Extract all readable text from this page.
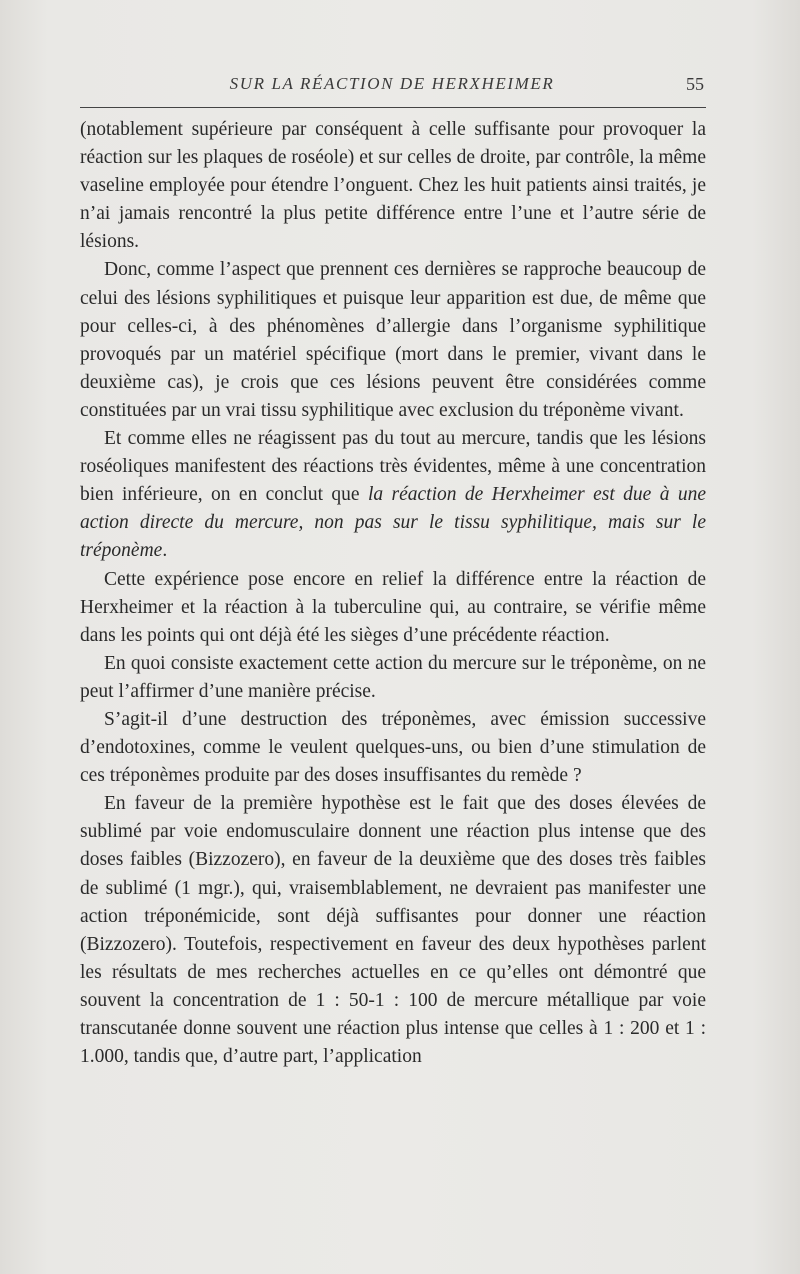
SUR LA RÉACTION DE HERXHEIMER	55

(notablement supérieure par conséquent à celle suffisante pour provoquer la réaction sur les plaques de roséole) et sur celles de droite, par contrôle, la même vaseline employée pour étendre l’onguent. Chez les huit patients ainsi traités, je n’ai jamais rencontré la plus petite différence entre l’une et l’autre série de lésions.

Donc, comme l’aspect que prennent ces dernières se rapproche beaucoup de celui des lésions syphilitiques et puisque leur apparition est due, de même que pour celles-ci, à des phénomènes d’allergie dans l’organisme syphilitique provoqués par un matériel spécifique (mort dans le premier, vivant dans le deuxième cas), je crois que ces lésions peuvent être considérées comme constituées par un vrai tissu syphilitique avec exclusion du tréponème vivant.

Et comme elles ne réagissent pas du tout au mercure, tandis que les lésions roséoliques manifestent des réactions très évidentes, même à une concentration bien inférieure, on en conclut que la réaction de Herxheimer est due à une action directe du mercure, non pas sur le tissu syphilitique, mais sur le tréponème.

Cette expérience pose encore en relief la différence entre la réaction de Herxheimer et la réaction à la tuberculine qui, au contraire, se vérifie même dans les points qui ont déjà été les sièges d’une précédente réaction.

En quoi consiste exactement cette action du mercure sur le tréponème, on ne peut l’affirmer d’une manière précise.

S’agit-il d’une destruction des tréponèmes, avec émission successive d’endotoxines, comme le veulent quelques-uns, ou bien d’une stimulation de ces tréponèmes produite par des doses insuffisantes du remède ?

En faveur de la première hypothèse est le fait que des doses élevées de sublimé par voie endomusculaire donnent une réaction plus intense que des doses faibles (Bizzozero), en faveur de la deuxième que des doses très faibles de sublimé (1 mgr.), qui, vraisemblablement, ne devraient pas manifester une action tréponémicide, sont déjà suffisantes pour donner une réaction (Bizzozero). Toutefois, respectivement en faveur des deux hypothèses parlent les résultats de mes recherches actuelles en ce qu’elles ont démontré que souvent la concentration de 1 : 50-1 : 100 de mercure métallique par voie transcutanée donne souvent une réaction plus intense que celles à 1 : 200 et 1 : 1.000, tandis que, d’autre part, l’application
